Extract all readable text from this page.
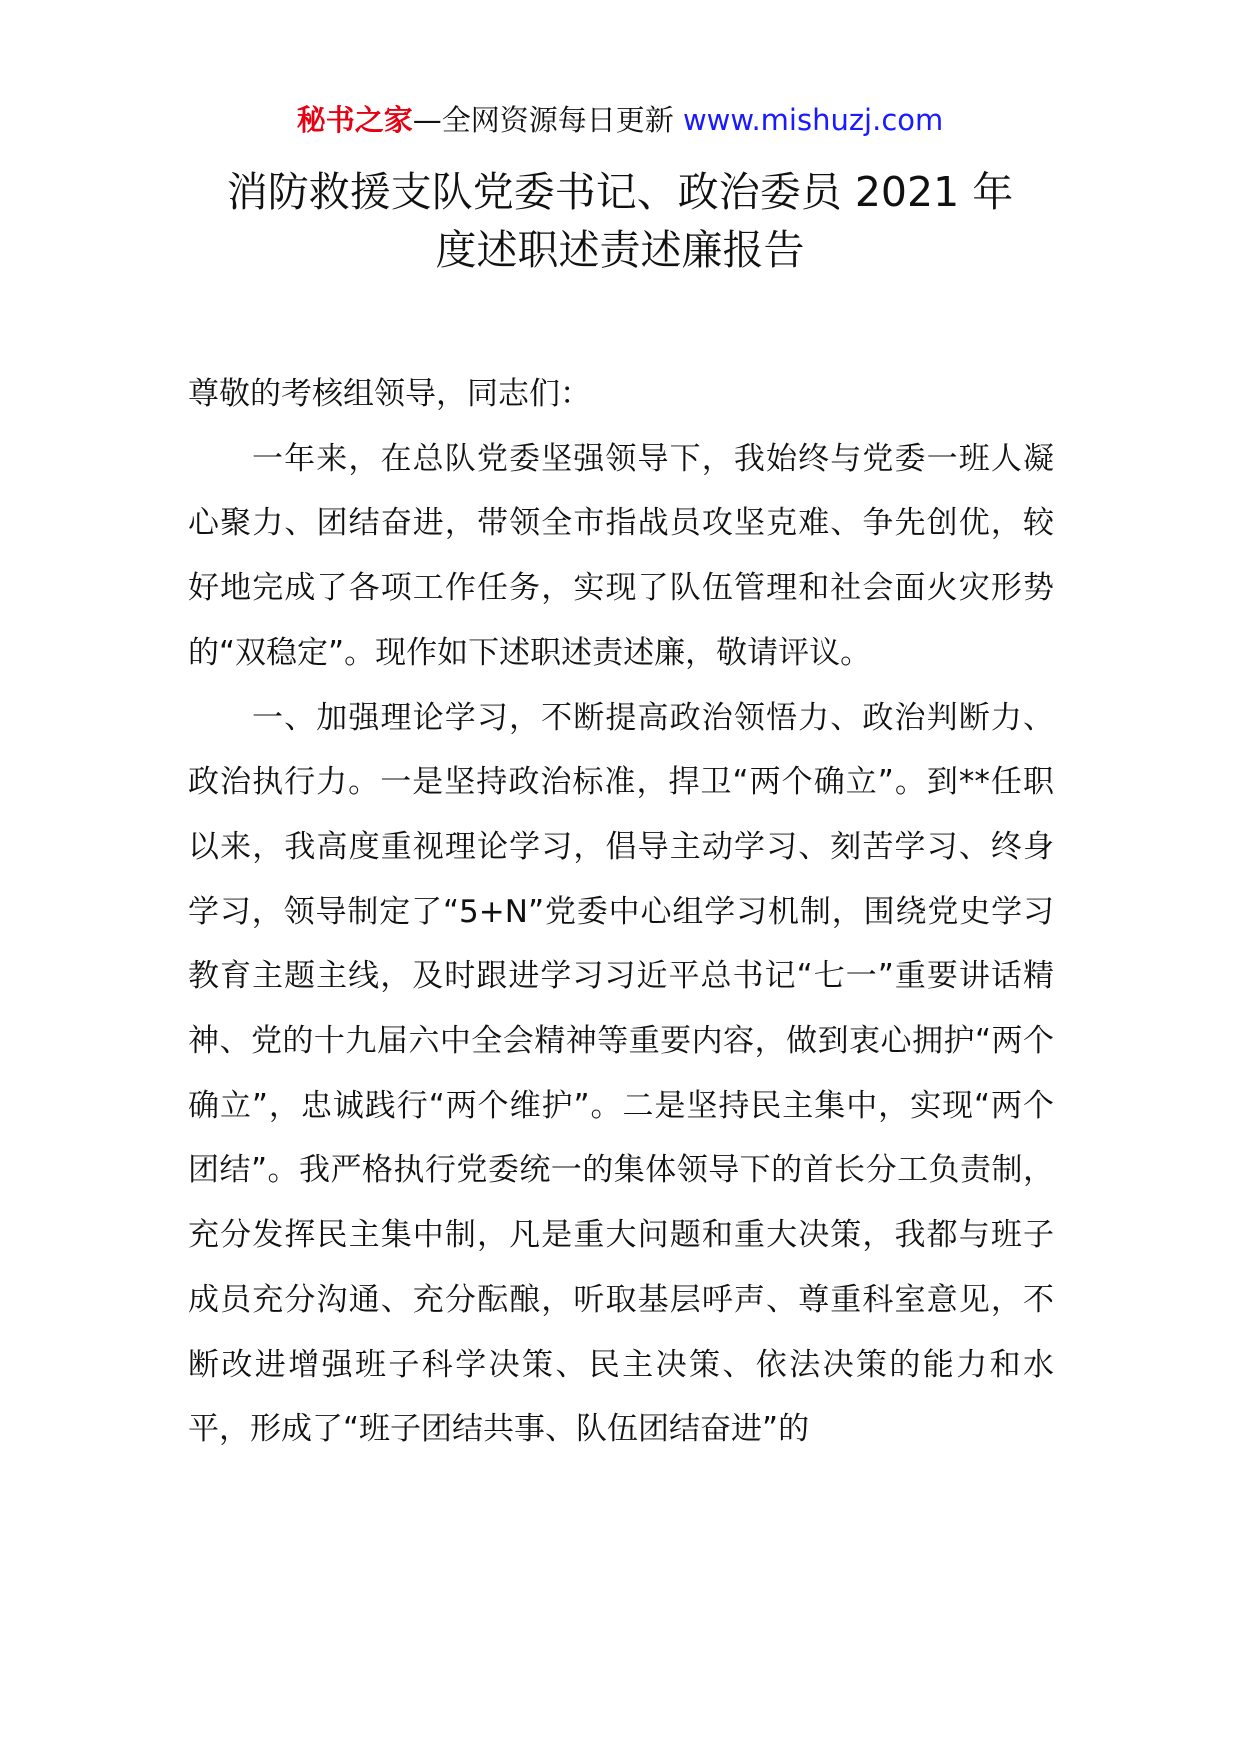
秘书之家—全网资源每日更新 www.mishuzj.com
消防救援支队党委书记、政治委员 2021 年
度述职述责述廉报告

尊敬的考核组领导，同志们：

一年来，在总队党委坚强领导下，我始终与党委一班人凝心聚力、团结奋进，带领全市指战员攻坚克难、争先创优，较好地完成了各项工作任务，实现了队伍管理和社会面火灾形势的“双稳定”。现作如下述职述责述廉，敬请评议。

一、加强理论学习，不断提高政治领悟力、政治判断力、政治执行力。一是坚持政治标准，捍卫“两个确立”。到**任职以来，我高度重视理论学习，倡导主动学习、刻苦学习、终身学习，领导制定了“5+N”党委中心组学习机制，围绕党史学习教育主题主线，及时跟进学习习近平总书记“七一”重要讲话精神、党的十九届六中全会精神等重要内容，做到衷心拥护“两个确立”，忠诚践行“两个维护”。二是坚持民主集中，实现“两个团结”。我严格执行党委统一的集体领导下的首长分工负责制，充分发挥民主集中制，凡是重大问题和重大决策，我都与班子成员充分沟通、充分酝酿，听取基层呼声、尊重科室意见，不断改进增强班子科学决策、民主决策、依法决策的能力和水平，形成了“班子团结共事、队伍团结奋进”的
